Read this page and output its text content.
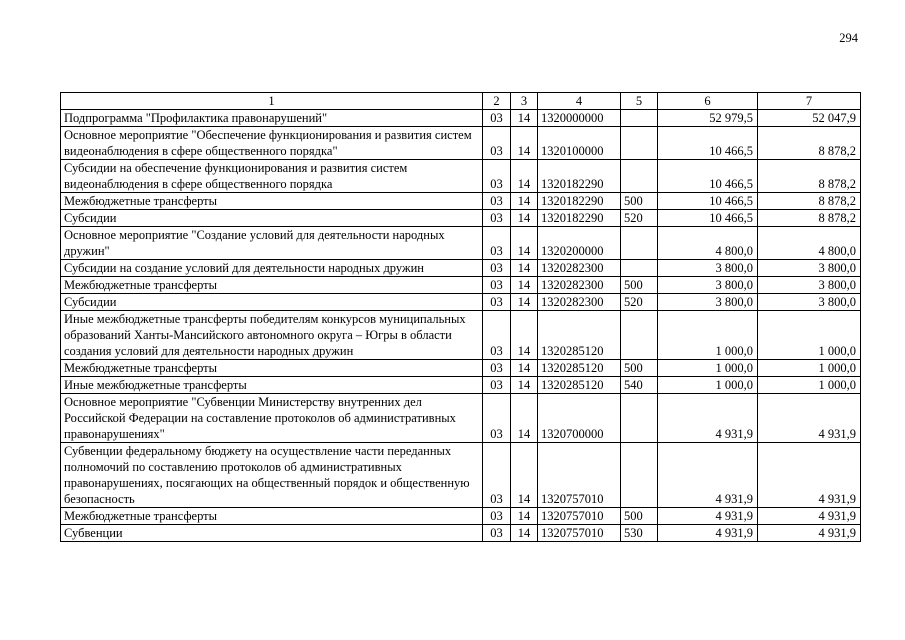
294
1	2	3	4	5	6	7
Подпрограмма "Профилактика правонарушений"	03	14	1320000000		52 979,5	52 047,9
Основное мероприятие "Обеспечение функционирования и развития систем видеонаблюдения в сфере общественного порядка"	03	14	1320100000		10 466,5	8 878,2
Субсидии на обеспечение функционирования и развития систем видеонаблюдения в сфере общественного порядка	03	14	1320182290		10 466,5	8 878,2
Межбюджетные трансферты	03	14	1320182290	500	10 466,5	8 878,2
Субсидии	03	14	1320182290	520	10 466,5	8 878,2
Основное мероприятие "Создание условий для деятельности народных дружин"	03	14	1320200000		4 800,0	4 800,0
Субсидии на создание условий для деятельности народных дружин	03	14	1320282300		3 800,0	3 800,0
Межбюджетные трансферты	03	14	1320282300	500	3 800,0	3 800,0
Субсидии	03	14	1320282300	520	3 800,0	3 800,0
Иные межбюджетные трансферты победителям конкурсов муниципальных образований Ханты-Мансийского автономного округа – Югры в области создания условий для деятельности народных дружин	03	14	1320285120		1 000,0	1 000,0
Межбюджетные трансферты	03	14	1320285120	500	1 000,0	1 000,0
Иные межбюджетные трансферты	03	14	1320285120	540	1 000,0	1 000,0
Основное мероприятие "Субвенции Министерству внутренних дел Российской Федерации на составление протоколов об административных правонарушениях"	03	14	1320700000		4 931,9	4 931,9
Субвенции федеральному бюджету на осуществление части переданных полномочий по составлению протоколов об административных правонарушениях, посягающих на общественный порядок и общественную безопасность	03	14	1320757010		4 931,9	4 931,9
Межбюджетные трансферты	03	14	1320757010	500	4 931,9	4 931,9
Субвенции	03	14	1320757010	530	4 931,9	4 931,9
